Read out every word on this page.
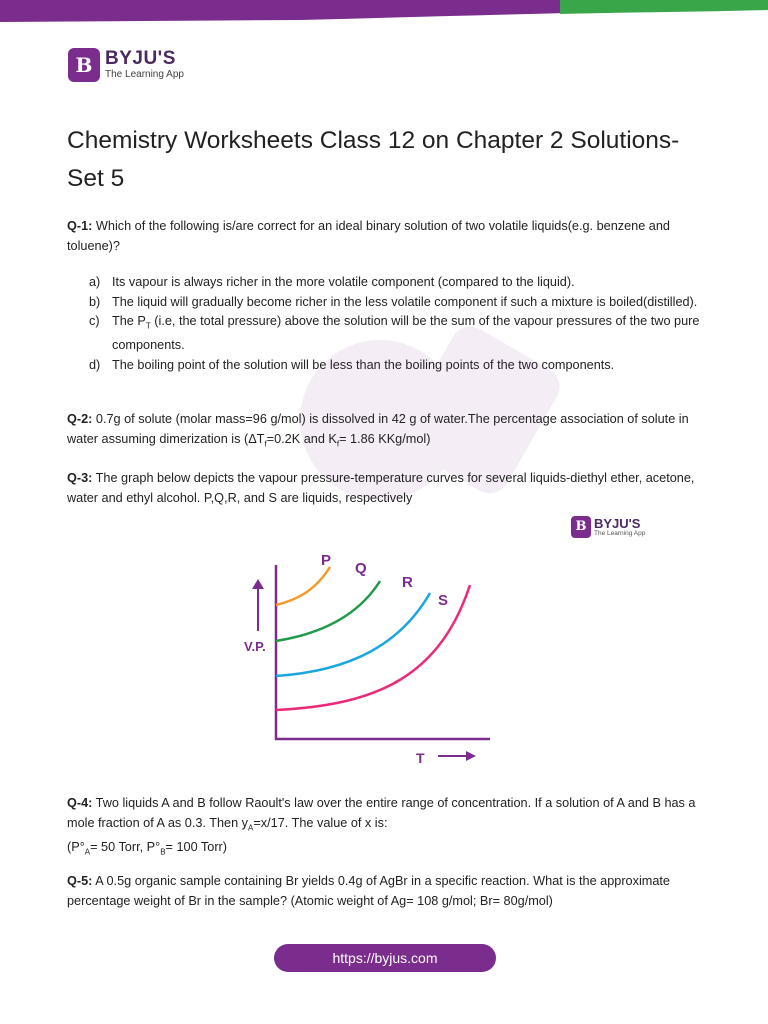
B BYJU'S
The Learning App
Chemistry Worksheets Class 12 on Chapter 2 Solutions-Set 5
Q-1: Which of the following is/are correct for an ideal binary solution of two volatile liquids(e.g. benzene and toluene)?
a) Its vapour is always richer in the more volatile component (compared to the liquid).
b) The liquid will gradually become richer in the less volatile component if such a mixture is boiled(distilled).
c) The $P_T$ (i.e, the total pressure) above the solution will be the sum of the vapour pressures of the two pure components.
d) The boiling point of the solution will be less than the boiling points of the two components.
Q-2: 0.7g of solute (molar mass=96 g/mol) is dissolved in 42 g of water.The percentage association of solute in water assuming dimerization is ($\Delta T_f=0.2K$ and $K_f= 1.86$ KKg/mol)
Q-3: The graph below depicts the vapour pressure-temperature curves for several liquids-diethyl ether, acetone, water and ethyl alcohol. P,Q,R, and S are liquids, respectively
B BYJU'S
The Learning App
V.P.
T
P Q
R
S
Q-4: Two liquids A and B follow Raoult's law over the entire range of concentration. If a solution of A and B has a mole fraction of A as 0.3. Then $y_A=x/17$. The value of x is:
($P^\circ_A= 50$ Torr, $P^\circ_B= 100$ Torr)
Q-5: A 0.5g organic sample containing Br yields 0.4g of AgBr in a specific reaction. What is the approximate percentage weight of Br in the sample? (Atomic weight of Ag= 108 g/mol; Br= 80g/mol)
https://byjus.com
